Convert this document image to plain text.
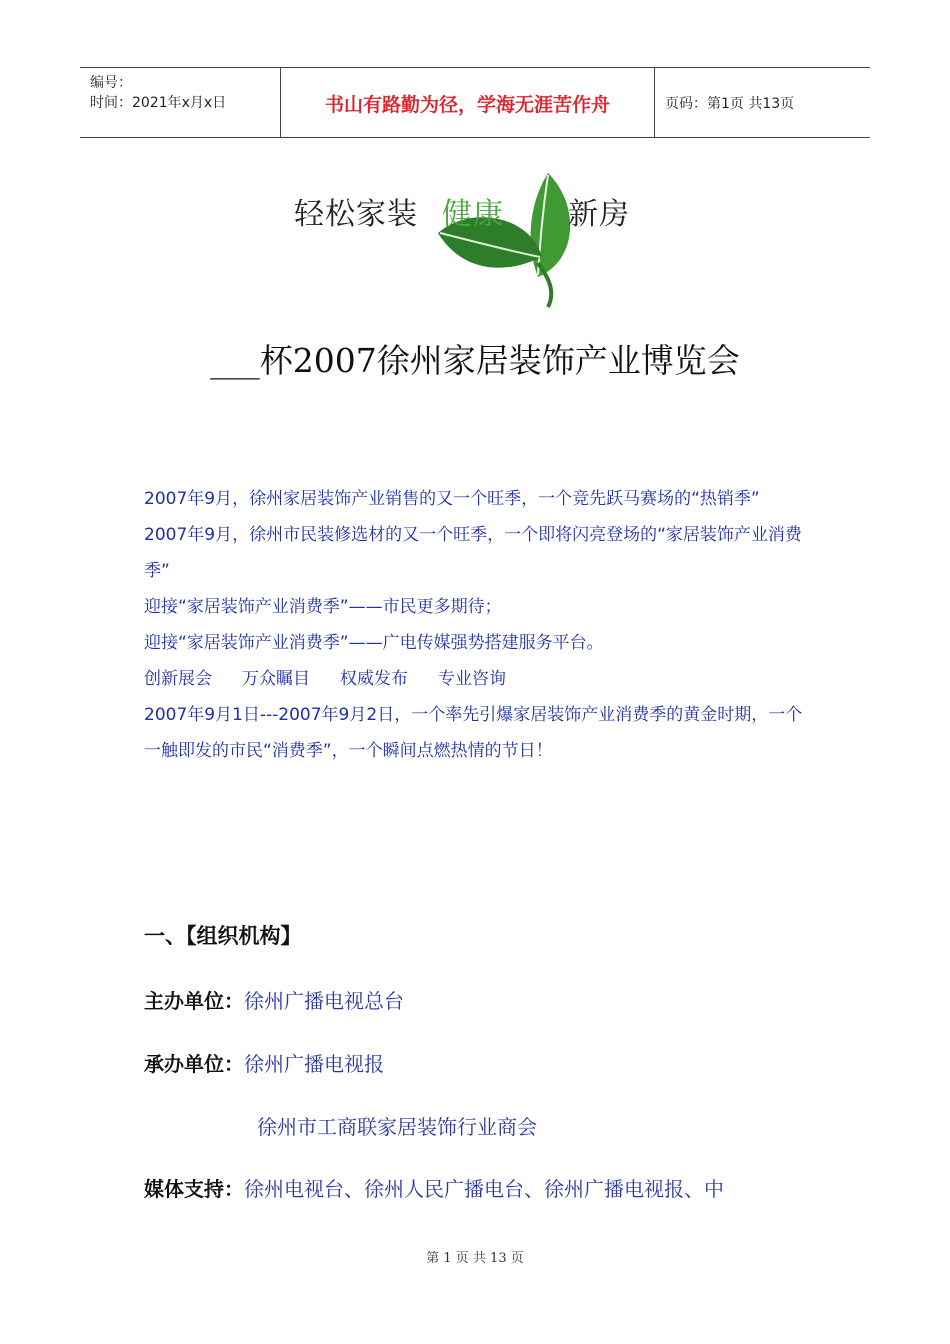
编号：
时间：2021年x月x日	书山有路勤为径，学海无涯苦作舟	页码：第1页 共13页
轻松家装 健康 新房
___杯2007徐州家居装饰产业博览会

2007年9月，徐州家居装饰产业销售的又一个旺季，一个竞先跃马赛场的“热销季”

2007年9月，徐州市民装修选材的又一个旺季，一个即将闪亮登场的“家居装饰产业消费季”

迎接“家居装饰产业消费季”——市民更多期待；

迎接“家居装饰产业消费季”——广电传媒强势搭建服务平台。

创新展会 万众瞩目 权威发布 专业咨询

2007年9月1日---2007年9月2日，一个率先引爆家居装饰产业消费季的黄金时期，一个一触即发的市民“消费季”，一个瞬间点燃热情的节日！

一、【组织机构】
主办单位：徐州广播电视总台
承办单位：徐州广播电视报
徐州市工商联家居装饰行业商会
媒体支持：徐州电视台、徐州人民广播电台、徐州广播电视报、中
第 1 页 共 13 页
